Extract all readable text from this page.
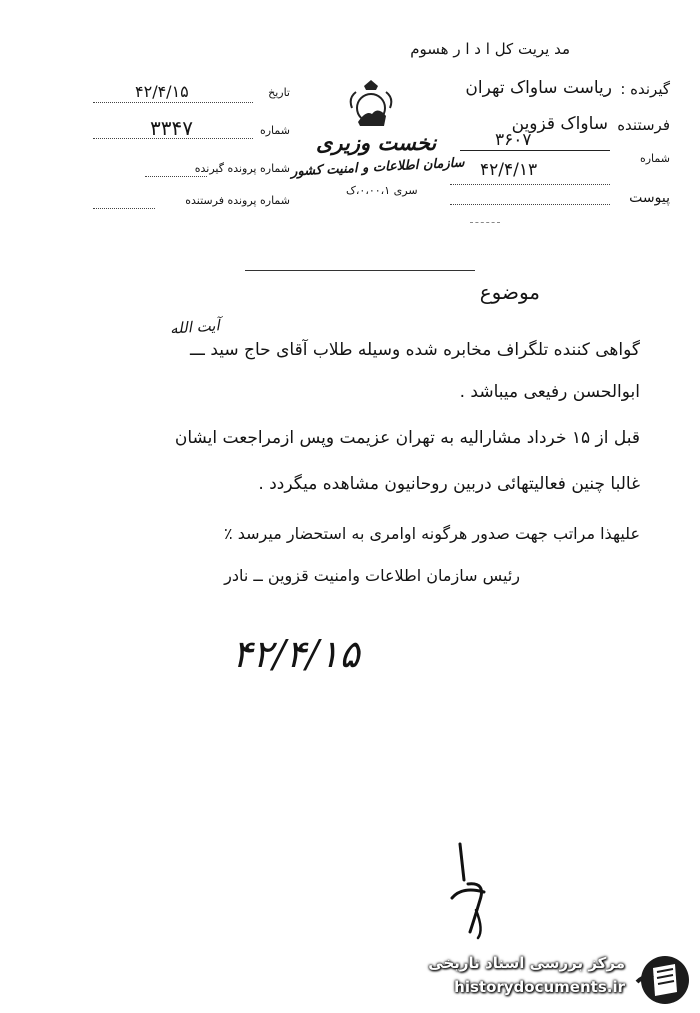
مد یریت کل ا د ا ر هسوم
تاریخ
۴۲/۴/۱۵
شماره
۳۳۴۷
شماره پرونده گیرنده
شماره پرونده فرستنده
نخست وزیری
سازمان اطلاعات و امنیت کشور
سری ۰،۰۰،۱،ک
گیرنده :
ریاست ساواک تهران
فرستنده
ساواک قزوین
۳۶۰۷
شماره
۴۲/۴/۱۳
پیوست
موضوع
آیت الله
گواهی کننده تلگراف مخابره شده وسیله طلاب آقای حاج سید ـــ
ابوالحسن رفیعی میباشد .
قبل از ۱۵ خرداد مشارالیه به تهران عزیمت وپس ازمراجعت ایشان
غالبا چنین فعالیتهائی دربین روحانیون مشاهده میگردد .
علیهذا مراتب جهت صدور هرگونه اوامری به استحضار میرسد ٪
رئیس سازمان اطلاعات وامنیت قزوین ــ نادر
۴۲/۴/۱۵
مرکز بررسی اسناد تاریخی
historydocuments.ir
